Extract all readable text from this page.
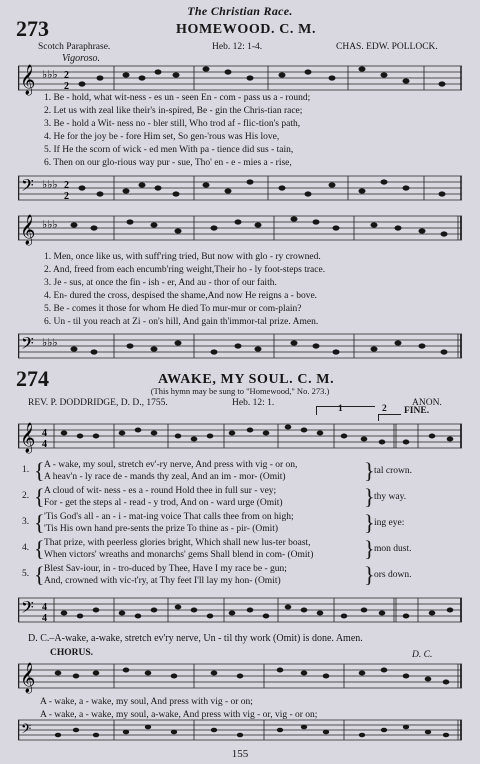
The Christian Race.
155
273	HOMEWOOD. C. M.
Scotch Paraphrase.	Heb. 12: 1-4.	CHAS. EDW. POLLOCK.
Vigoroso.
𝄞 ♭♭♭ 2
2
1. Be - hold, what wit-ness - es un - seen En - com - pass us a - round;
2. Let us with zeal like their's in-spired, Be - gin the Chris-tian race;
3. Be - hold a Wit- ness no - bler still, Who trod af - flic-tion's path,
4. He for the joy be - fore Him set, So gen-'rous was His love,
5. If He the scorn of wick - ed men With pa - tience did sus - tain,
6. Then on our glo-rious way pur - sue, Tho' en - e - mies a - rise,
𝄢 ♭♭♭ 2
2
𝄞 ♭♭♭
1. Men, once like us, with suff'ring tried, But now with glo - ry crowned.
2. And, freed from each encumb'ring weight,Their ho - ly foot-steps trace.
3. Je - sus, at once the fin - ish - er, And au - thor of our faith.
4. En- dured the cross, despised the shame,And now He reigns a - bove.
5. Be - comes it those for whom He died To mur-mur or com-plain?
6. Un - til you reach at Zi - on's hill, And gain th'immor-tal prize. Amen.
𝄢 ♭♭♭
274	AWAKE, MY SOUL. C. M.
(This hymn may be sung to "Homewood," No. 273.)
REV. P. DODDRIDGE, D. D., 1755.	Heb. 12: 1.	ANON.
1	2 FINE.
𝄞 4
4
1. { A - wake, my soul, stretch ev'-ry nerve, And press with vig - or on,
A heav'n - ly race de - mands thy zeal, And an im - mor- (Omit)	} tal crown.
2. { A cloud of wit- ness - es a - round Hold thee in full sur - vey;
For - get the steps al - read - y trod, And on - ward urge (Omit)	} thy way.
3. { 'Tis God's all - an - i - mat-ing voice That calls thee from on high;
'Tis His own hand pre-sents the prize To thine as - pir- (Omit)	} ing eye:
4. { That prize, with peerless glories bright, Which shall new lus-ter boast,
When victors' wreaths and monarchs' gems Shall blend in com- (Omit) } mon dust.
5. { Blest Sav-iour, in - tro-duced by Thee, Have I my race be - gun;
And, crowned with vic-t'ry, at Thy feet I'll lay my hon- (Omit)	} ors down.
𝄢 4
4
D. C.–A-wake, a-wake, stretch ev'ry nerve, Un - til thy work (Omit) is done. Amen.
CHORUS.	D. C.
𝄞
A - wake, a - wake, my soul, And press with vig - or on;
A - wake, a - wake, my soul, a-wake, And press with vig - or, vig - or on;
𝄢
